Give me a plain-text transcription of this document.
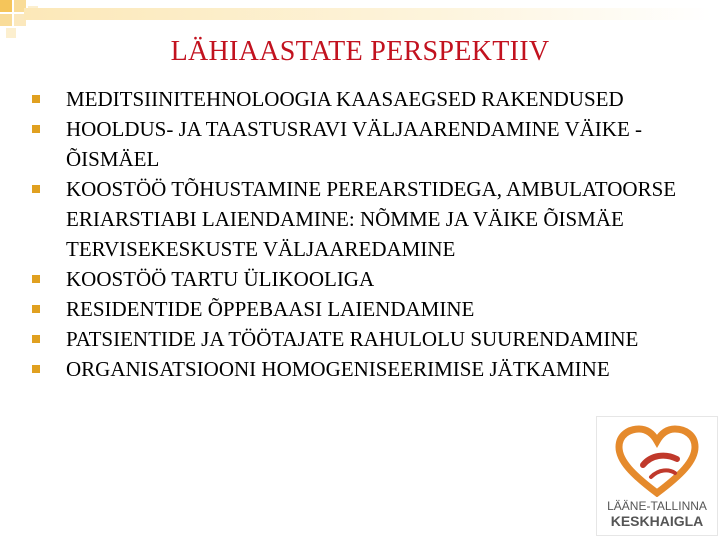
LÄHIAASTATE PERSPEKTIIV
MEDITSIINITEHNOLOOGIA KAASAEGSED RAKENDUSED
HOOLDUS- JA TAASTUSRAVI VÄLJAARENDAMINE VÄIKE - ÕISMÄEL
KOOSTÖÖ TÕHUSTAMINE PEREARSTIDEGA, AMBULATOORSE ERIARSTIABI LAIENDAMINE: NÕMME JA VÄIKE ÕISMÄE TERVISEKESKUSTE VÄLJAAREDAMINE
KOOSTÖÖ TARTU ÜLIKOOLIGA
RESIDENTIDE ÕPPEBAASI LAIENDAMINE
PATSIENTIDE JA TÖÖTAJATE RAHULOLU SUURENDAMINE
ORGANISATSIOONI HOMOGENISEERIMISE JÄTKAMINE
LÄÄNE-TALLINNA
KESKHAIGLA
